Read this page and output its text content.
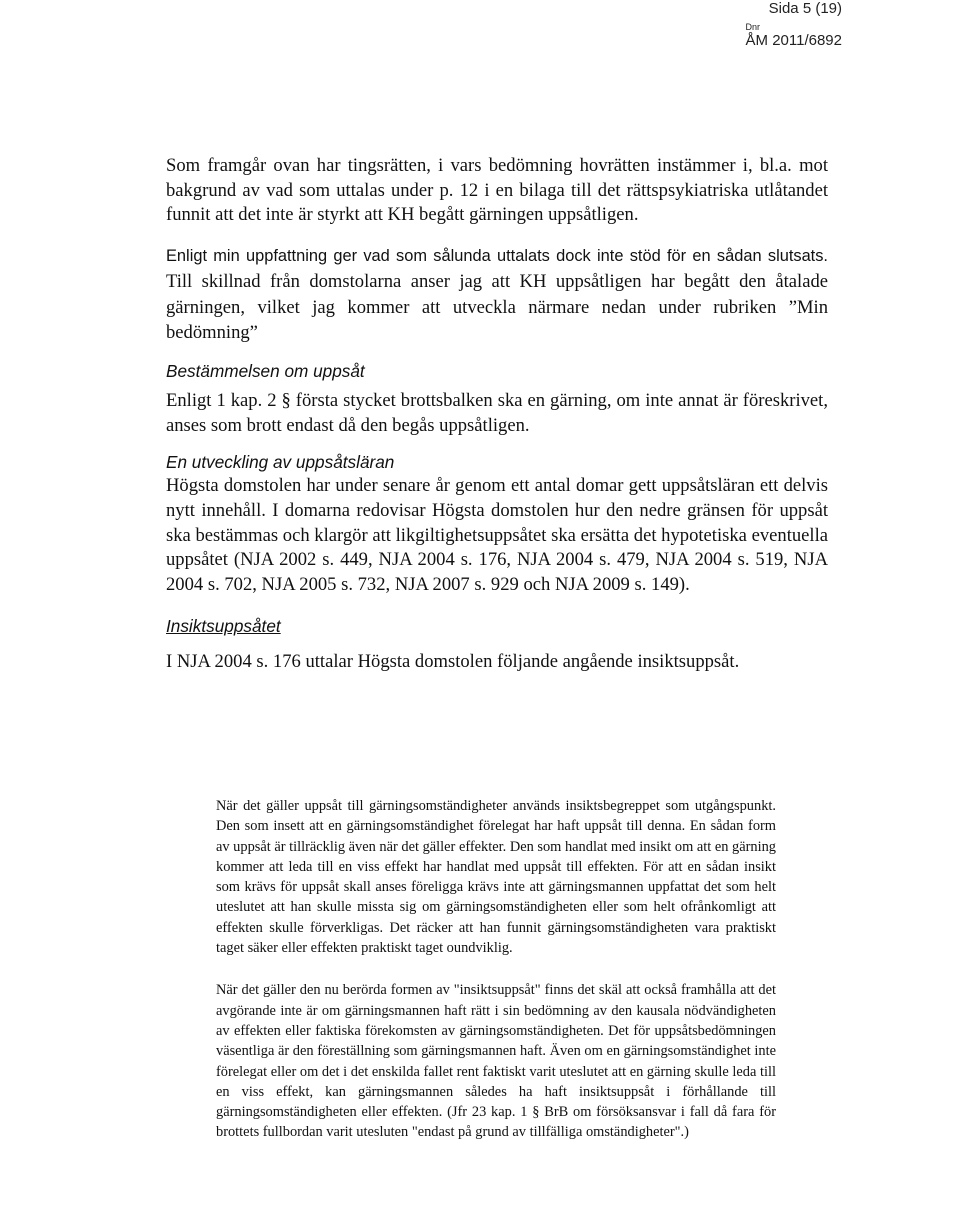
Sida 5 (19)
Dnr
ÅM 2011/6892

Som framgår ovan har tingsrätten, i vars bedömning hovrätten instämmer i, bl.a. mot bakgrund av vad som uttalas under p. 12 i en bilaga till det rättspsykiatriska utlåtandet funnit att det inte är styrkt att KH begått gärningen uppsåtligen.

Enligt min uppfattning ger vad som sålunda uttalats dock inte stöd för en sådan slutsats. Till skillnad från domstolarna anser jag att KH uppsåtligen har begått den åtalade gärningen, vilket jag kommer att utveckla närmare nedan under rubriken ”Min bedömning”

Bestämmelsen om uppsåt

Enligt 1 kap. 2 § första stycket brottsbalken ska en gärning, om inte annat är föreskrivet, anses som brott endast då den begås uppsåtligen.

En utveckling av uppsåtsläran

Högsta domstolen har under senare år genom ett antal domar gett uppsåtsläran ett delvis nytt innehåll. I domarna redovisar Högsta domstolen hur den nedre gränsen för uppsåt ska bestämmas och klargör att likgiltighetsuppsåtet ska ersätta det hypotetiska eventuella uppsåtet (NJA 2002 s. 449, NJA 2004 s. 176, NJA 2004 s. 479, NJA 2004 s. 519, NJA 2004 s. 702, NJA 2005 s. 732, NJA 2007 s. 929 och NJA 2009 s. 149).

Insiktsuppsåtet

I NJA 2004 s. 176 uttalar Högsta domstolen följande angående insiktsuppsåt.

När det gäller uppsåt till gärningsomständigheter används insiktsbegreppet som utgångspunkt. Den som insett att en gärningsomständighet förelegat har haft uppsåt till denna. En sådan form av uppsåt är tillräcklig även när det gäller effekter. Den som handlat med insikt om att en gärning kommer att leda till en viss effekt har handlat med uppsåt till effekten. För att en sådan insikt som krävs för uppsåt skall anses föreligga krävs inte att gärningsmannen uppfattat det som helt uteslutet att han skulle missta sig om gärningsomständigheten eller som helt ofrånkomligt att effekten skulle förverkligas. Det räcker att han funnit gärningsomständigheten vara praktiskt taget säker eller effekten praktiskt taget oundviklig.

När det gäller den nu berörda formen av "insiktsuppsåt" finns det skäl att också framhålla att det avgörande inte är om gärningsmannen haft rätt i sin bedömning av den kausala nödvändigheten av effekten eller faktiska förekomsten av gärningsomständigheten. Det för uppsåtsbedömningen väsentliga är den föreställning som gärningsmannen haft. Även om en gärningsomständighet inte förelegat eller om det i det enskilda fallet rent faktiskt varit uteslutet att en gärning skulle leda till en viss effekt, kan gärningsmannen således ha haft insiktsuppsåt i förhållande till gärningsomständigheten eller effekten. (Jfr 23 kap. 1 § BrB om försöksansvar i fall då fara för brottets fullbordan varit utesluten "endast på grund av tillfälliga omständigheter".)
